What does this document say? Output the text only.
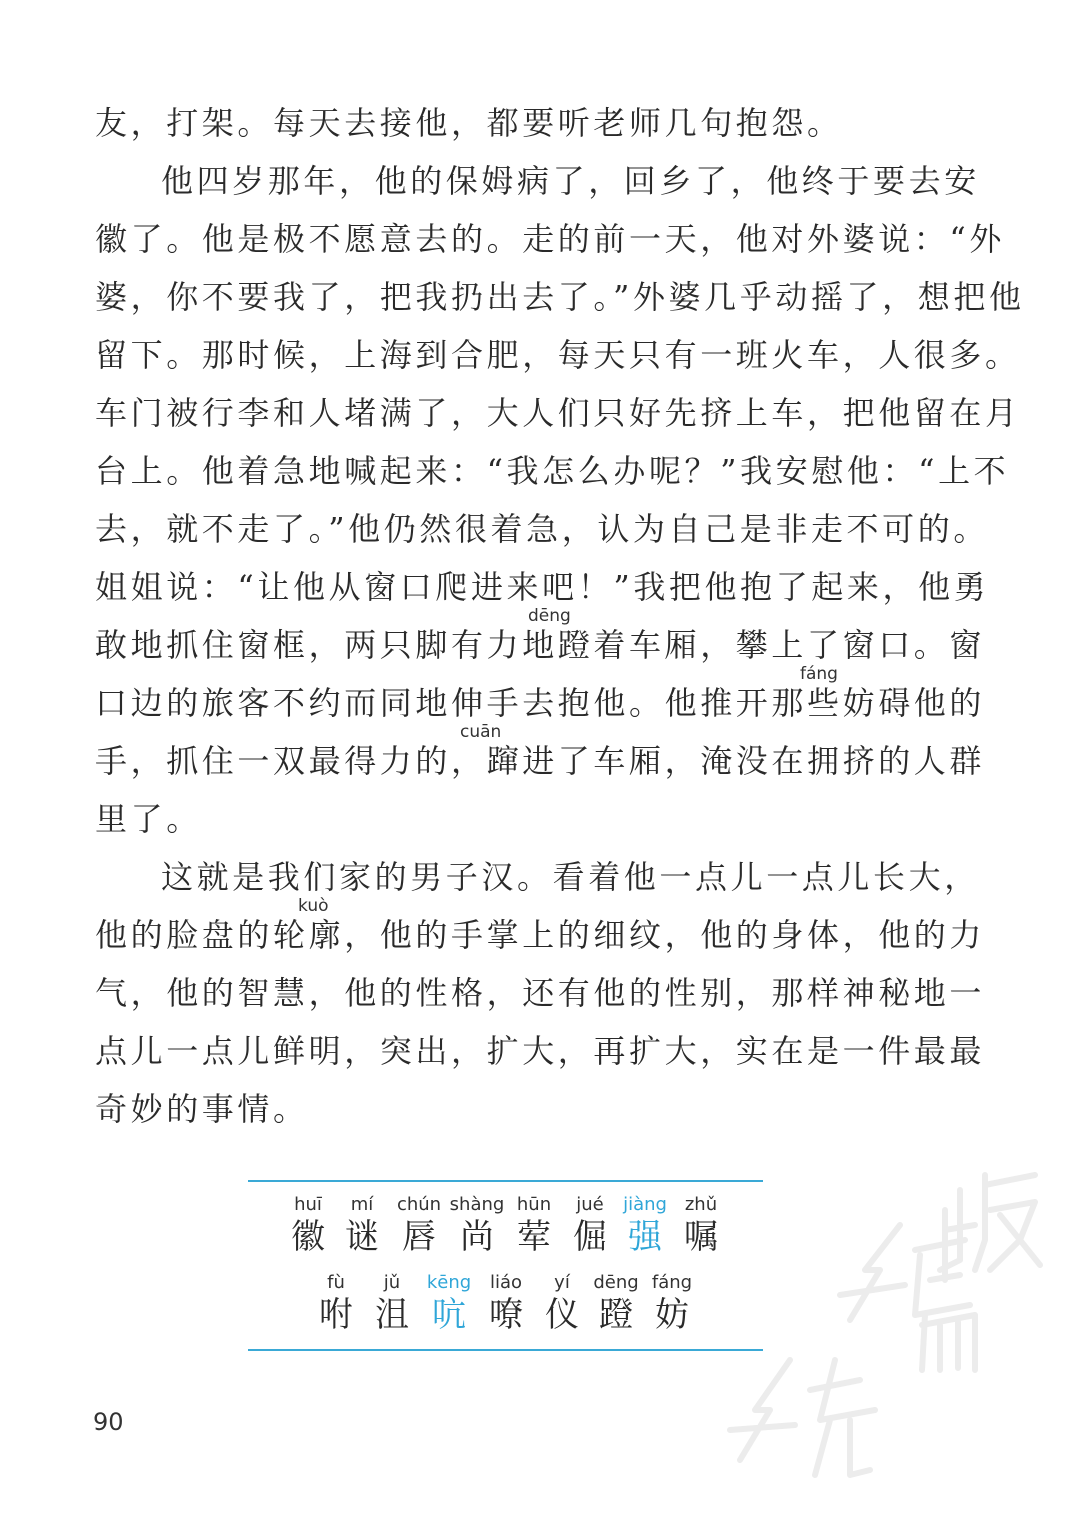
友，打架。每天去接他，都要听老师几句抱怨。
他四岁那年，他的保姆病了，回乡了，他终于要去安
徽了。他是极不愿意去的。走的前一天，他对外婆说：“外
婆，你不要我了，把我扔出去了。”外婆几乎动摇了，想把他
留下。那时候，上海到合肥，每天只有一班火车，人很多。
车门被行李和人堵满了，大人们只好先挤上车，把他留在月
台上。他着急地喊起来：“我怎么办呢？”我安慰他：“上不
去，就不走了。”他仍然很着急，认为自己是非走不可的。
姐姐说：“让他从窗口爬进来吧！”我把他抱了起来，他勇
敢地抓住窗框，两只脚有力地蹬着车厢，攀上了窗口。窗
口边的旅客不约而同地伸手去抱他。他推开那些妨碍他的
手，抓住一双最得力的，蹿进了车厢，淹没在拥挤的人群
里了。
这就是我们家的男子汉。看着他一点儿一点儿长大，
他的脸盘的轮廓，他的手掌上的细纹，他的身体，他的力
气，他的智慧，他的性格，还有他的性别，那样神秘地一
点儿一点儿鲜明，突出，扩大，再扩大，实在是一件最最
奇妙的事情。
dēng
fáng
cuān
kuò
huī
徽
mí
谜
chún
唇
shàng
尚
hūn
荤
jué
倔
jiàng
强
zhǔ
嘱
fù
咐
jǔ
沮
kēng
吭
liáo
嘹
yí
仪
dēng
蹬
fáng
妨
90
